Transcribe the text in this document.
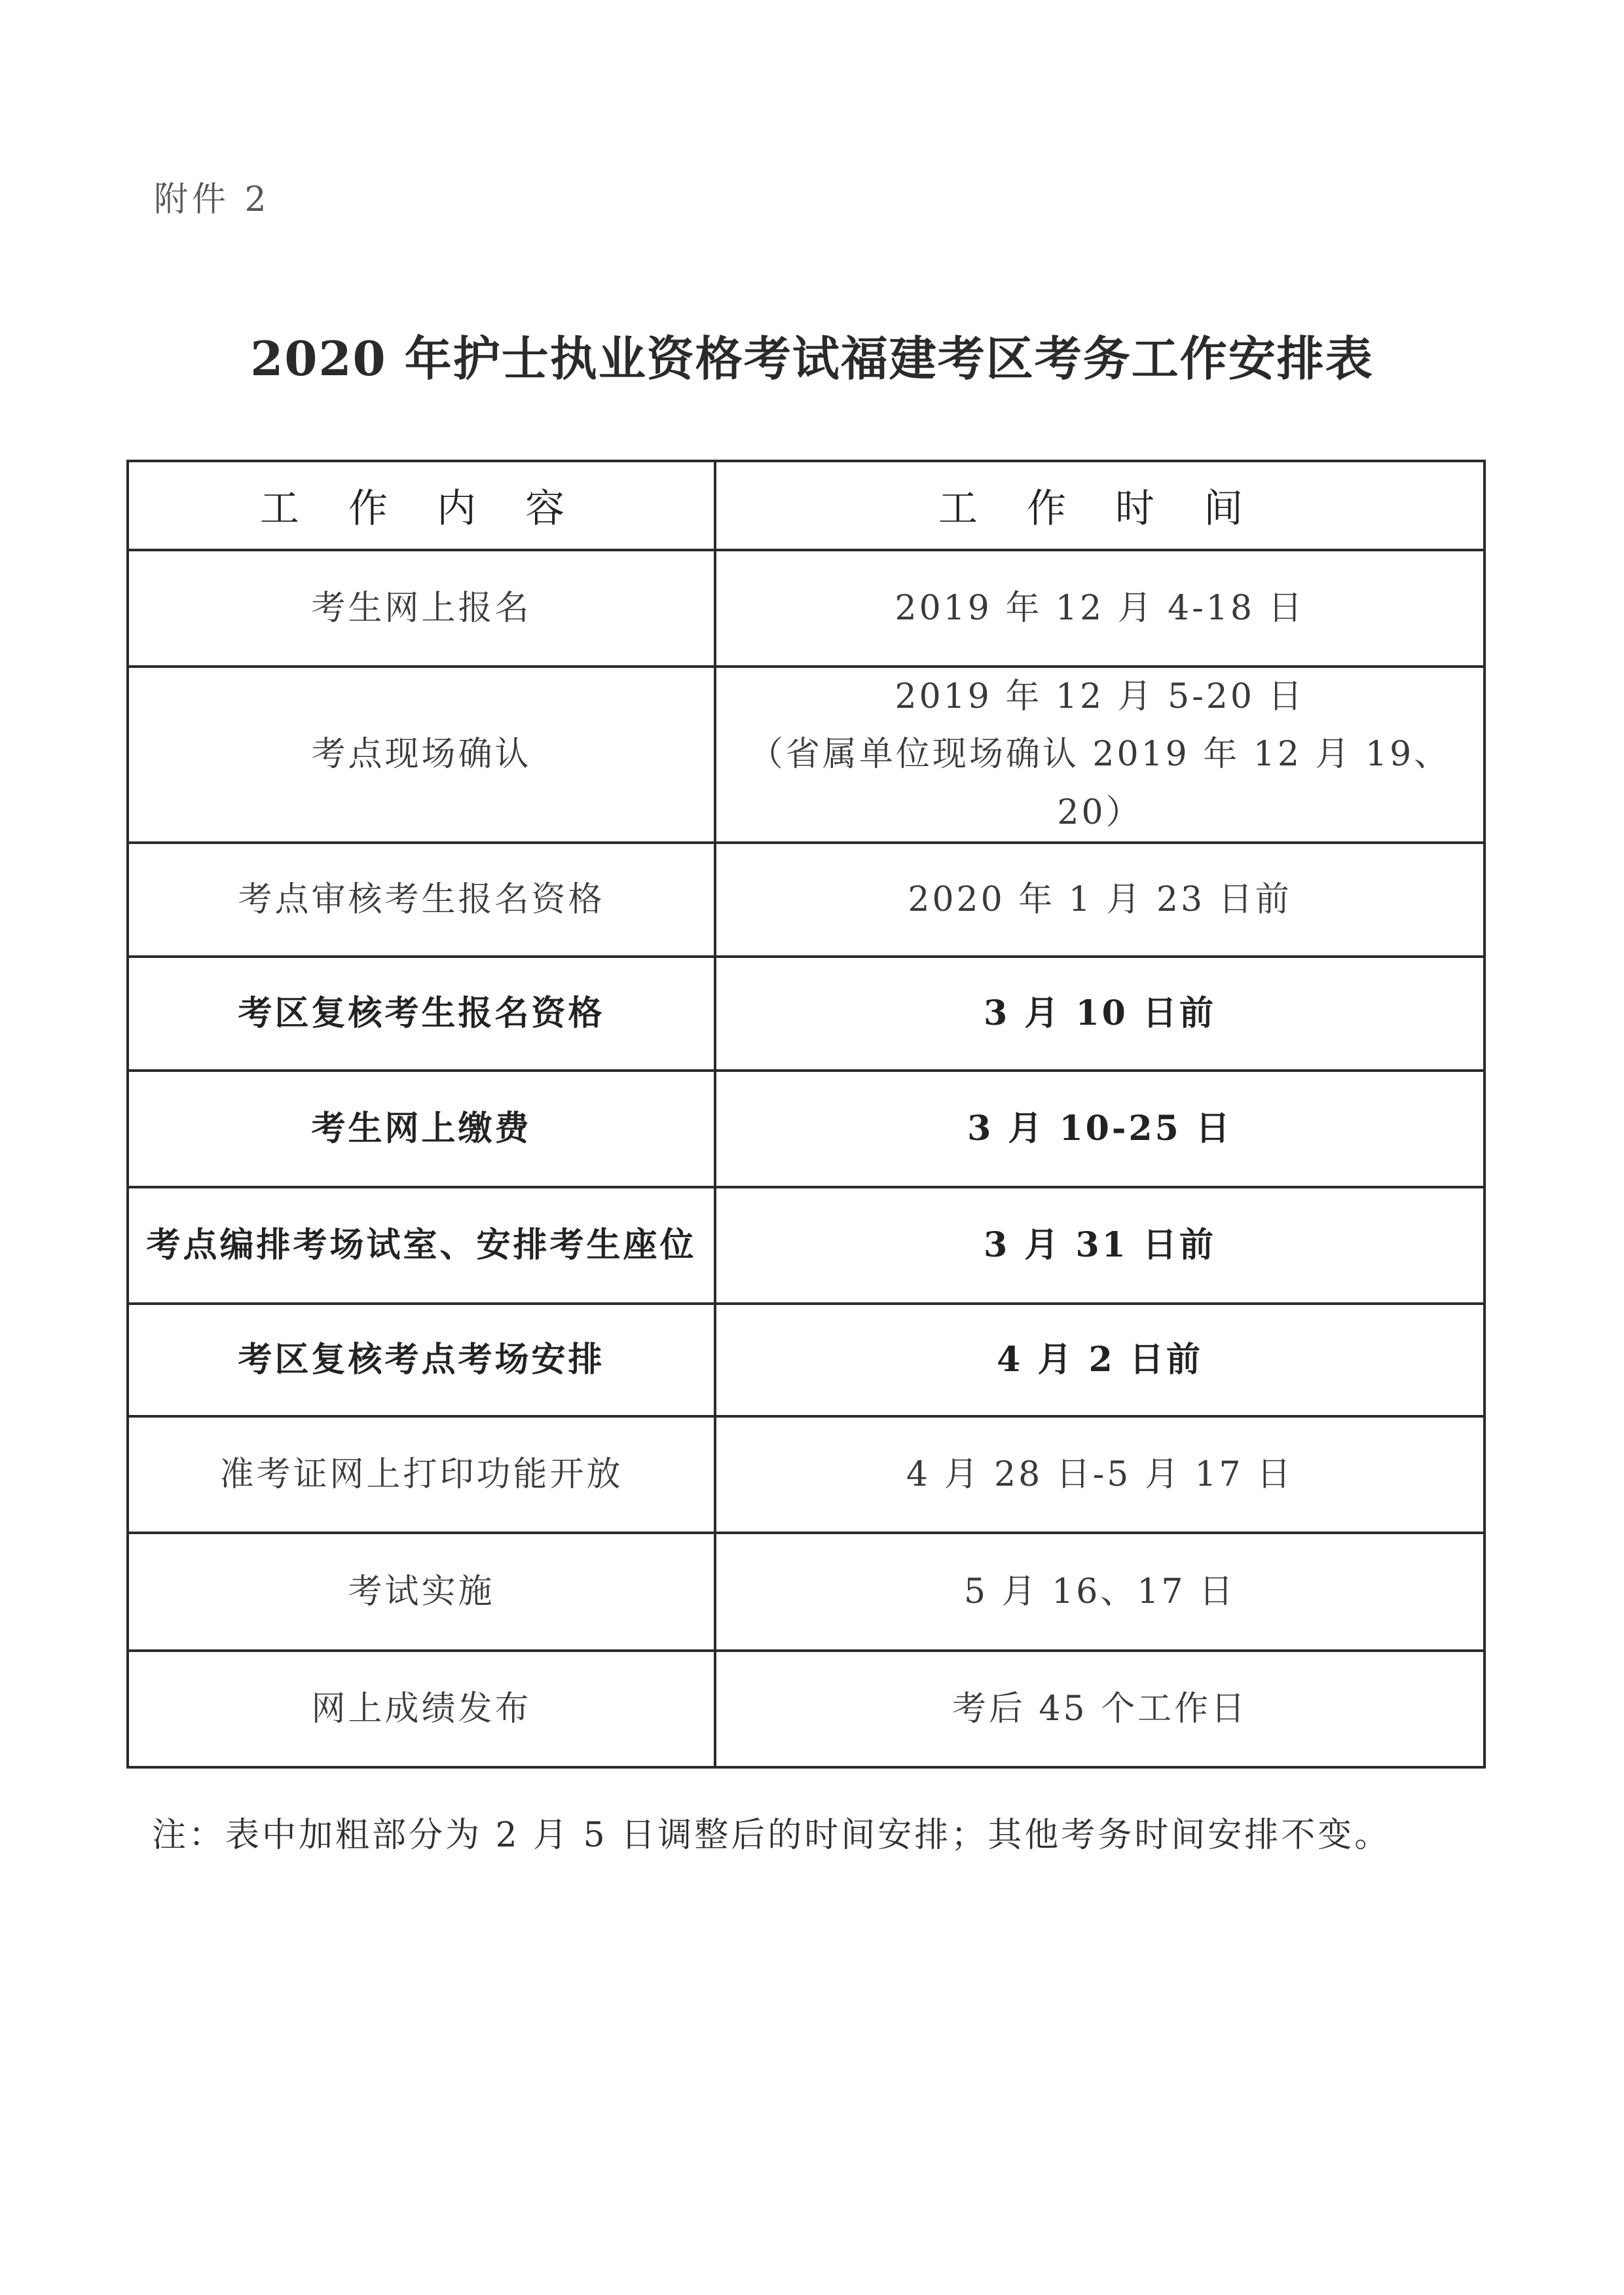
附件 2
2020 年护士执业资格考试福建考区考务工作安排表
工 作 内 容	工 作 时 间
考生网上报名	2019 年 12 月 4-18 日

考点现场确认	2019 年 12 月 5-20 日
（省属单位现场确认 2019 年 12 月 19、20）

考点审核考生报名资格	2020 年 1 月 23 日前

考区复核考生报名资格	3 月 10 日前

考生网上缴费	3 月 10-25 日

考点编排考场试室、安排考生座位	3 月 31 日前

考区复核考点考场安排	4 月 2 日前

准考证网上打印功能开放	4 月 28 日-5 月 17 日

考试实施	5 月 16、17 日

网上成绩发布	考后 45 个工作日
注：表中加粗部分为 2 月 5 日调整后的时间安排；其他考务时间安排不变。
